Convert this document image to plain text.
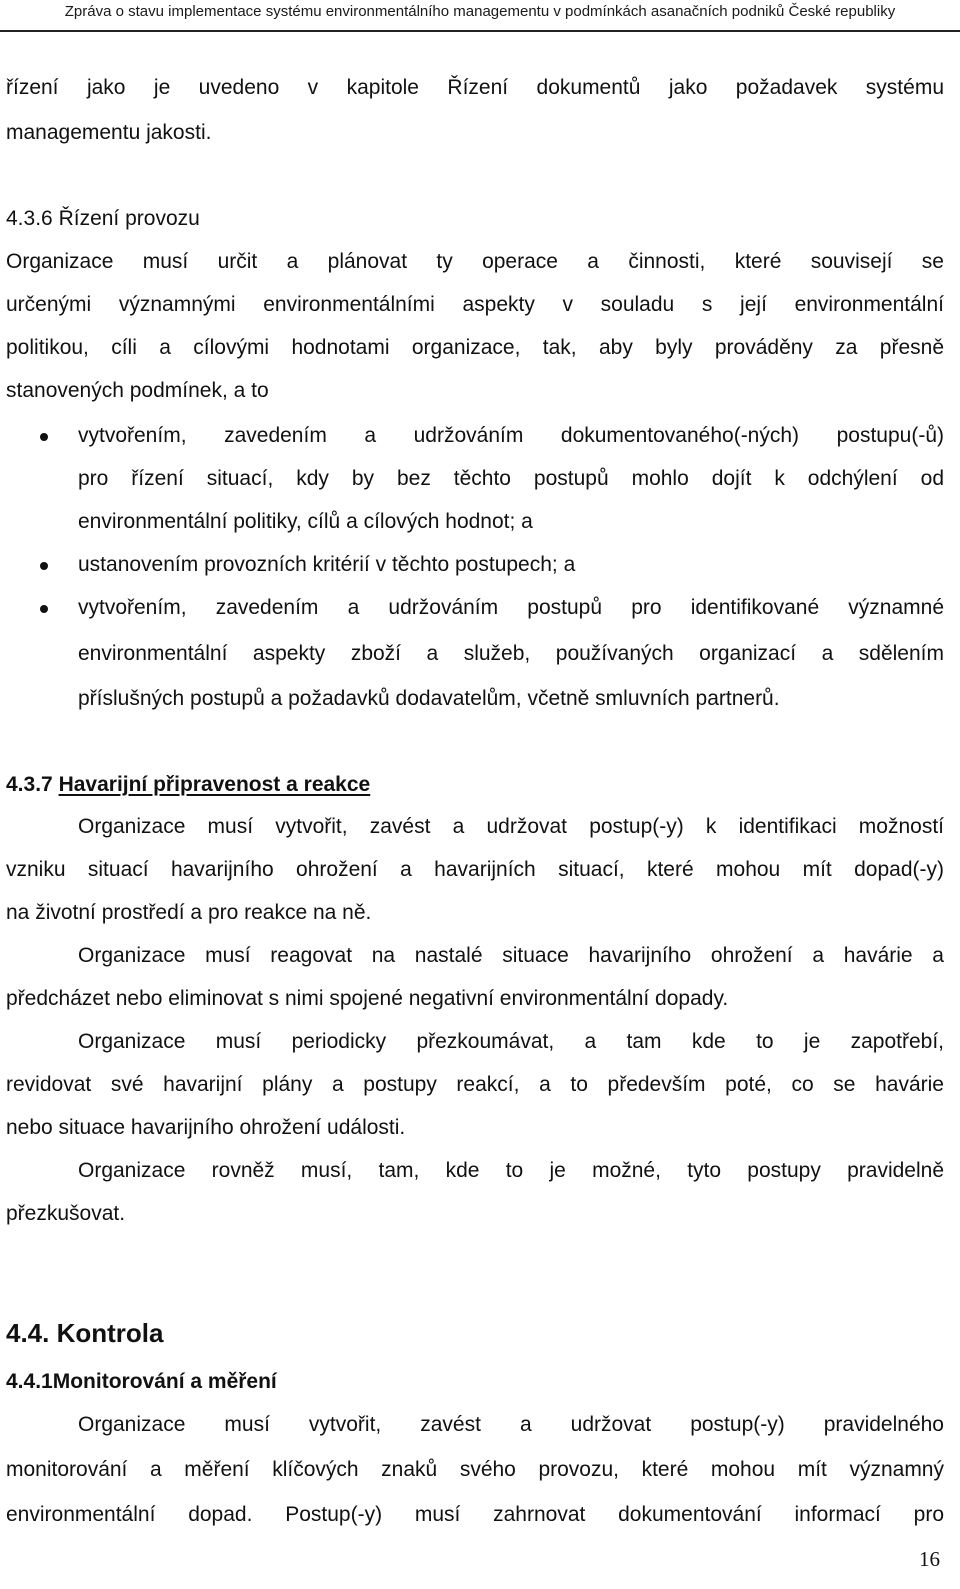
Zpráva o stavu implementace systému environmentálního managementu v podmínkách asanačních podniků České republiky
řízení jako je uvedeno v kapitole Řízení dokumentů jako požadavek systému
managementu jakosti.
4.3.6 Řízení provozu
Organizace musí určit a plánovat ty operace a činnosti, které souvisejí se
určenými významnými environmentálními aspekty v souladu s její environmentální
politikou, cíli a cílovými hodnotami organizace, tak, aby byly prováděny za přesně
stanovených podmínek, a to
vytvořením, zavedením a udržováním dokumentovaného(-ných) postupu(-ů)
pro řízení situací, kdy by bez těchto postupů mohlo dojít k odchýlení od
environmentální politiky, cílů a cílových hodnot; a
ustanovením provozních kritérií v těchto postupech; a
vytvořením, zavedením a udržováním postupů pro identifikované významné
environmentální aspekty zboží a služeb, používaných organizací a sdělením
příslušných postupů a požadavků dodavatelům, včetně smluvních partnerů.
4.3.7 Havarijní připravenost a reakce
Organizace musí vytvořit, zavést a udržovat postup(-y) k identifikaci možností
vzniku situací havarijního ohrožení a havarijních situací, které mohou mít dopad(-y)
na životní prostředí a pro reakce na ně.
Organizace musí reagovat na nastalé situace havarijního ohrožení a havárie a
předcházet nebo eliminovat s nimi spojené negativní environmentální dopady.
Organizace musí periodicky přezkoumávat, a tam kde to je zapotřebí,
revidovat své havarijní plány a postupy reakcí, a to především poté, co se havárie
nebo situace havarijního ohrožení události.
Organizace rovněž musí, tam, kde to je možné, tyto postupy pravidelně
přezkušovat.
4.4. Kontrola
4.4.1Monitorování a měření
Organizace musí vytvořit, zavést a udržovat postup(-y) pravidelného
monitorování a měření klíčových znaků svého provozu, které mohou mít významný
environmentální dopad. Postup(-y) musí zahrnovat dokumentování informací pro
16
